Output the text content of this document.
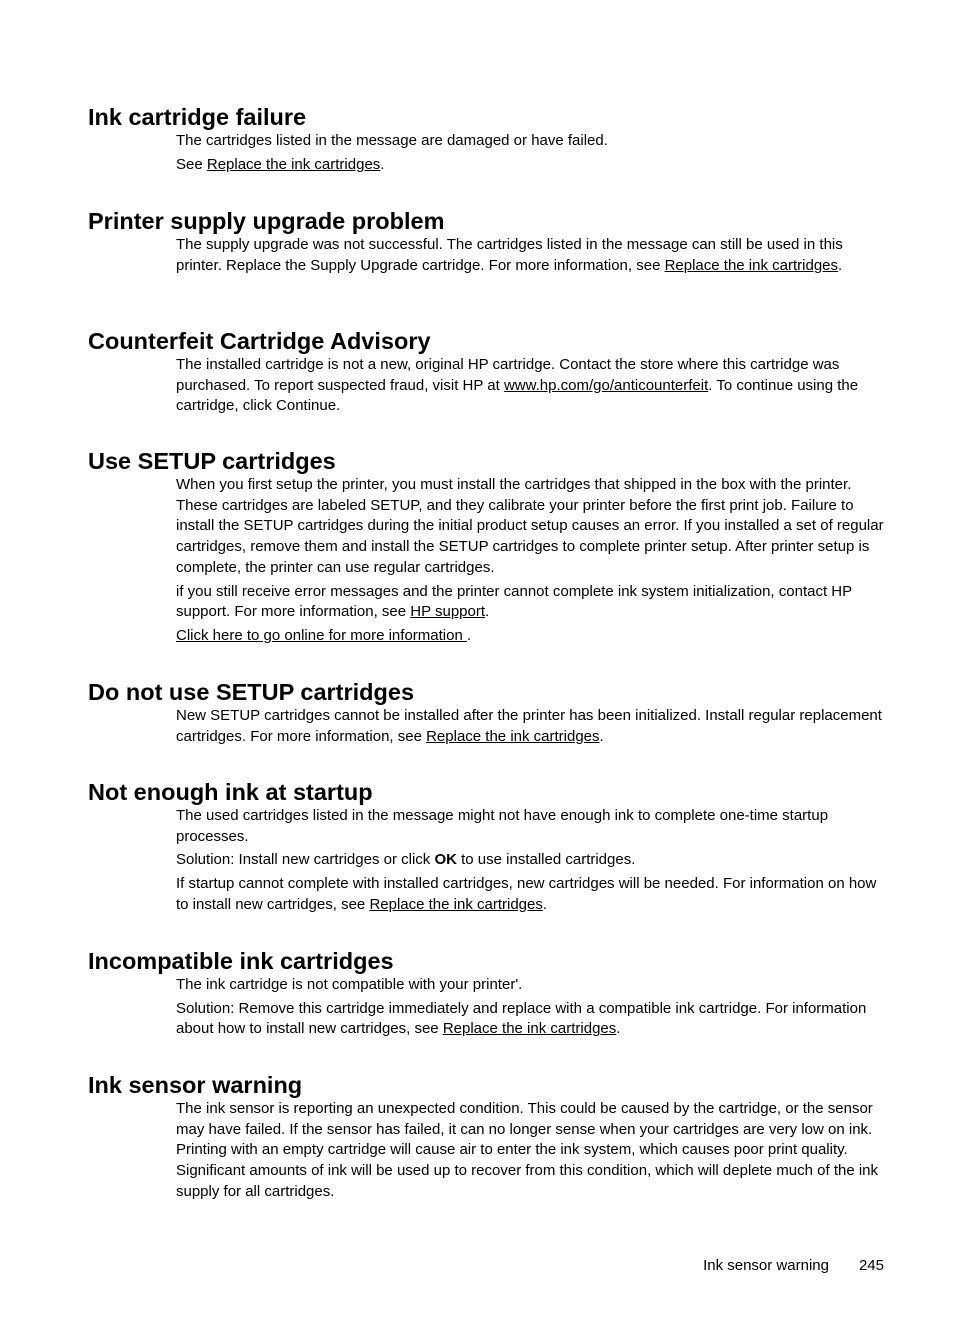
Ink cartridge failure

The cartridges listed in the message are damaged or have failed.

See Replace the ink cartridges.

Printer supply upgrade problem

The supply upgrade was not successful. The cartridges listed in the message can still be used in this printer. Replace the Supply Upgrade cartridge. For more information, see Replace the ink cartridges.

Counterfeit Cartridge Advisory

The installed cartridge is not a new, original HP cartridge. Contact the store where this cartridge was purchased. To report suspected fraud, visit HP at www.hp.com/go/anticounterfeit. To continue using the cartridge, click Continue.

Use SETUP cartridges

When you first setup the printer, you must install the cartridges that shipped in the box with the printer. These cartridges are labeled SETUP, and they calibrate your printer before the first print job. Failure to install the SETUP cartridges during the initial product setup causes an error. If you installed a set of regular cartridges, remove them and install the SETUP cartridges to complete printer setup. After printer setup is complete, the printer can use regular cartridges.

if you still receive error messages and the printer cannot complete ink system initialization, contact HP support. For more information, see HP support.

Click here to go online for more information .

Do not use SETUP cartridges

New SETUP cartridges cannot be installed after the printer has been initialized. Install regular replacement cartridges. For more information, see Replace the ink cartridges.

Not enough ink at startup

The used cartridges listed in the message might not have enough ink to complete one-time startup processes.

Solution: Install new cartridges or click OK to use installed cartridges.

If startup cannot complete with installed cartridges, new cartridges will be needed. For information on how to install new cartridges, see Replace the ink cartridges.

Incompatible ink cartridges

The ink cartridge is not compatible with your printer'.

Solution: Remove this cartridge immediately and replace with a compatible ink cartridge. For information about how to install new cartridges, see Replace the ink cartridges.

Ink sensor warning

The ink sensor is reporting an unexpected condition. This could be caused by the cartridge, or the sensor may have failed. If the sensor has failed, it can no longer sense when your cartridges are very low on ink. Printing with an empty cartridge will cause air to enter the ink system, which causes poor print quality. Significant amounts of ink will be used up to recover from this condition, which will deplete much of the ink supply for all cartridges.

Ink sensor warning 245
